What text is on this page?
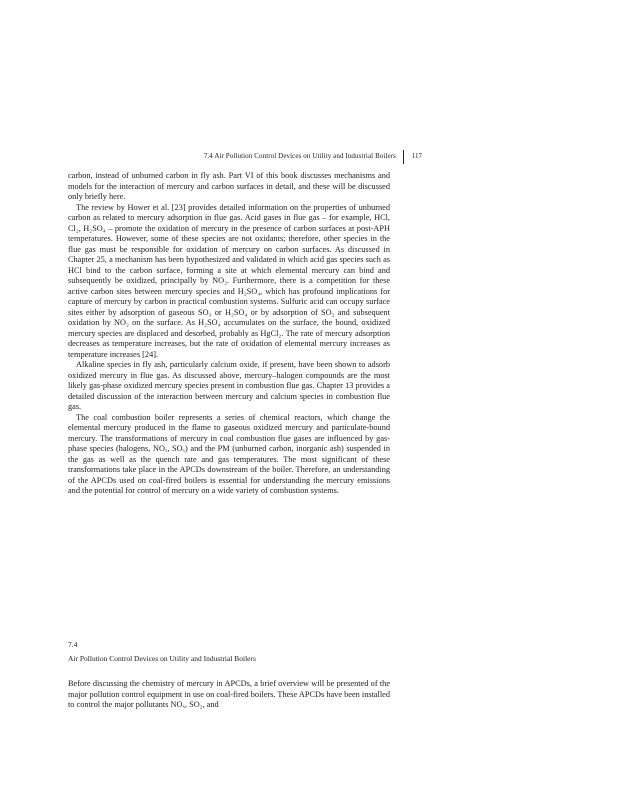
7.4 Air Pollution Control Devices on Utility and Industrial Boilers 117

carbon, instead of unburned carbon in fly ash. Part VI of this book discusses mechanisms and models for the interaction of mercury and carbon surfaces in detail, and these will be discussed only briefly here.

The review by Hower et al. [23] provides detailed information on the properties of unburned carbon as related to mercury adsorption in flue gas. Acid gases in flue gas – for example, HCl, Cl₂, H₂SO₄ – promote the oxidation of mercury in the presence of carbon surfaces at post-APH temperatures. However, some of these species are not oxidants; therefore, other species in the flue gas must be responsible for oxidation of mercury on carbon surfaces. As discussed in Chapter 25, a mechanism has been hypothesized and validated in which acid gas species such as HCl bind to the carbon surface, forming a site at which elemental mercury can bind and subsequently be oxidized, principally by NO₂. Furthermore, there is a competition for these active carbon sites between mercury species and H₂SO₄, which has profound implications for capture of mercury by carbon in practical combustion systems. Sulfuric acid can occupy surface sites either by adsorption of gaseous SO₃ or H₂SO₄ or by adsorption of SO₂ and subsequent oxidation by NO₂ on the surface. As H₂SO₄ accumulates on the surface, the bound, oxidized mercury species are displaced and desorbed, probably as HgCl₂. The rate of mercury adsorption decreases as temperature increases, but the rate of oxidation of elemental mercury increases as temperature increases [24].

Alkaline species in fly ash, particularly calcium oxide, if present, have been shown to adsorb oxidized mercury in flue gas. As discussed above, mercury–halogen compounds are the most likely gas-phase oxidized mercury species present in combustion flue gas. Chapter 13 provides a detailed discussion of the interaction between mercury and calcium species in combustion flue gas.

The coal combustion boiler represents a series of chemical reactors, which change the elemental mercury produced in the flame to gaseous oxidized mercury and particulate-bound mercury. The transformations of mercury in coal combustion flue gases are influenced by gas-phase species (halogens, NOₓ, SOₓ) and the PM (unburned carbon, inorganic ash) suspended in the gas as well as the quench rate and gas temperatures. The most significant of these transformations take place in the APCDs downstream of the boiler. Therefore, an understanding of the APCDs used on coal-fired boilers is essential for understanding the mercury emissions and the potential for control of mercury on a wide variety of combustion systems.

7.4
Air Pollution Control Devices on Utility and Industrial Boilers

Before discussing the chemistry of mercury in APCDs, a brief overview will be presented of the major pollution control equipment in use on coal-fired boilers. These APCDs have been installed to control the major pollutants NOₓ, SO₂, and
